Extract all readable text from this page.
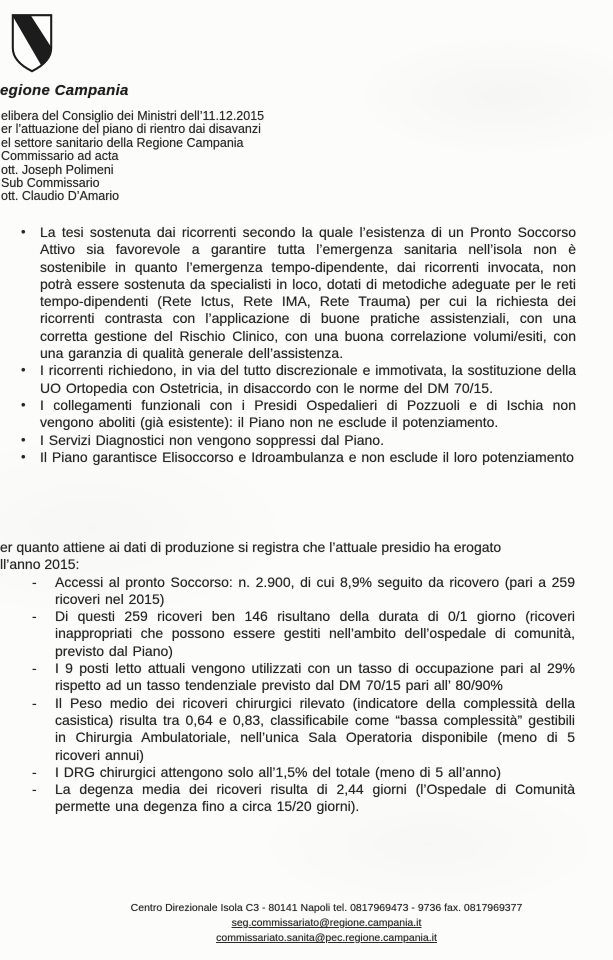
egione Campania
elibera del Consiglio dei Ministri dell’11.12.2015
er l’attuazione del piano di rientro dai disavanzi
el settore sanitario della Regione Campania
Commissario ad acta
ott. Joseph Polimeni
Sub Commissario
ott. Claudio D’Amario
• La tesi sostenuta dai ricorrenti secondo la quale l’esistenza di un Pronto Soccorso Attivo sia favorevole a garantire tutta l’emergenza sanitaria nell’isola non è sostenibile in quanto l’emergenza tempo-dipendente, dai ricorrenti invocata, non potrà essere sostenuta da specialisti in loco, dotati di metodiche adeguate per le reti tempo-dipendenti (Rete Ictus, Rete IMA, Rete Trauma) per cui la richiesta dei ricorrenti contrasta con l’applicazione di buone pratiche assistenziali, con una corretta gestione del Rischio Clinico, con una buona correlazione volumi/esiti, con una garanzia di qualità generale dell’assistenza.
• I ricorrenti richiedono, in via del tutto discrezionale e immotivata, la sostituzione della UO Ortopedia con Ostetricia, in disaccordo con le norme del DM 70/15.
• I collegamenti funzionali con i Presidi Ospedalieri di Pozzuoli e di Ischia non vengono aboliti (già esistente): il Piano non ne esclude il potenziamento.
• I Servizi Diagnostici non vengono soppressi dal Piano.
• Il Piano garantisce Elisoccorso e Idroambulanza e non esclude il loro potenziamento
er quanto attiene ai dati di produzione si registra che l’attuale presidio ha erogato
ll’anno 2015:
- Accessi al pronto Soccorso: n. 2.900, di cui 8,9% seguito da ricovero (pari a 259 ricoveri nel 2015)
- Di questi 259 ricoveri ben 146 risultano della durata di 0/1 giorno (ricoveri inappropriati che possono essere gestiti nell’ambito dell’ospedale di comunità, previsto dal Piano)
- I 9 posti letto attuali vengono utilizzati con un tasso di occupazione pari al 29% rispetto ad un tasso tendenziale previsto dal DM 70/15 pari all’ 80/90%
- Il Peso medio dei ricoveri chirurgici rilevato (indicatore della complessità della casistica) risulta tra 0,64 e 0,83, classificabile come “bassa complessità” gestibili in Chirurgia Ambulatoriale, nell’unica Sala Operatoria disponibile (meno di 5 ricoveri annui)
- I DRG chirurgici attengono solo all’1,5% del totale (meno di 5 all’anno)
- La degenza media dei ricoveri risulta di 2,44 giorni (l’Ospedale di Comunità permette una degenza fino a circa 15/20 giorni).
Centro Direzionale Isola C3 - 80141 Napoli tel. 0817969473 - 9736 fax. 0817969377
seg.commissariato@regione.campania.it
commissariato.sanita@pec.regione.campania.it
